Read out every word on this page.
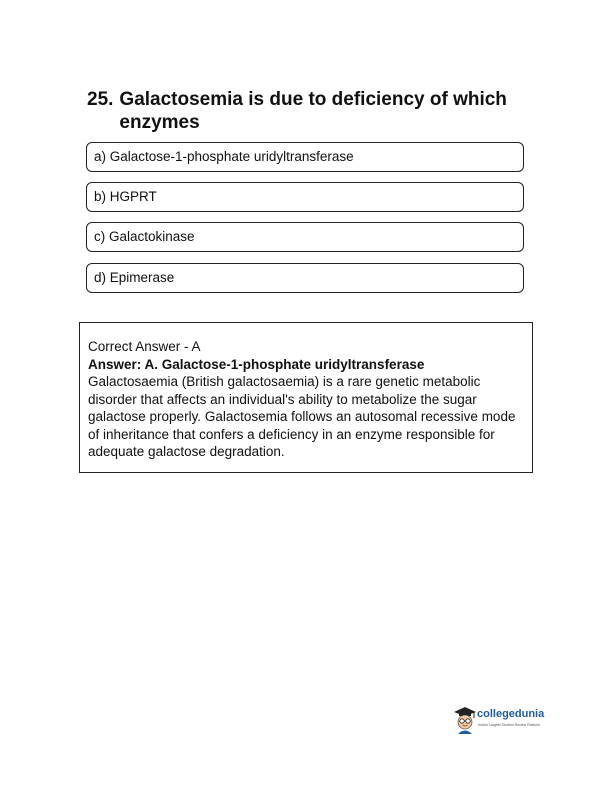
25. Galactosemia is due to deficiency of which enzymes
a) Galactose-1-phosphate uridyltransferase
b) HGPRT
c) Galactokinase
d) Epimerase
Correct Answer - A
Answer: A. Galactose-1-phosphate uridyltransferase
Galactosaemia (British galactosaemia) is a rare genetic metabolic disorder that affects an individual's ability to metabolize the sugar galactose properly. Galactosemia follows an autosomal recessive mode of inheritance that confers a deficiency in an enzyme responsible for adequate galactose degradation.
collegedunia
India's Largest Student Review Platform
